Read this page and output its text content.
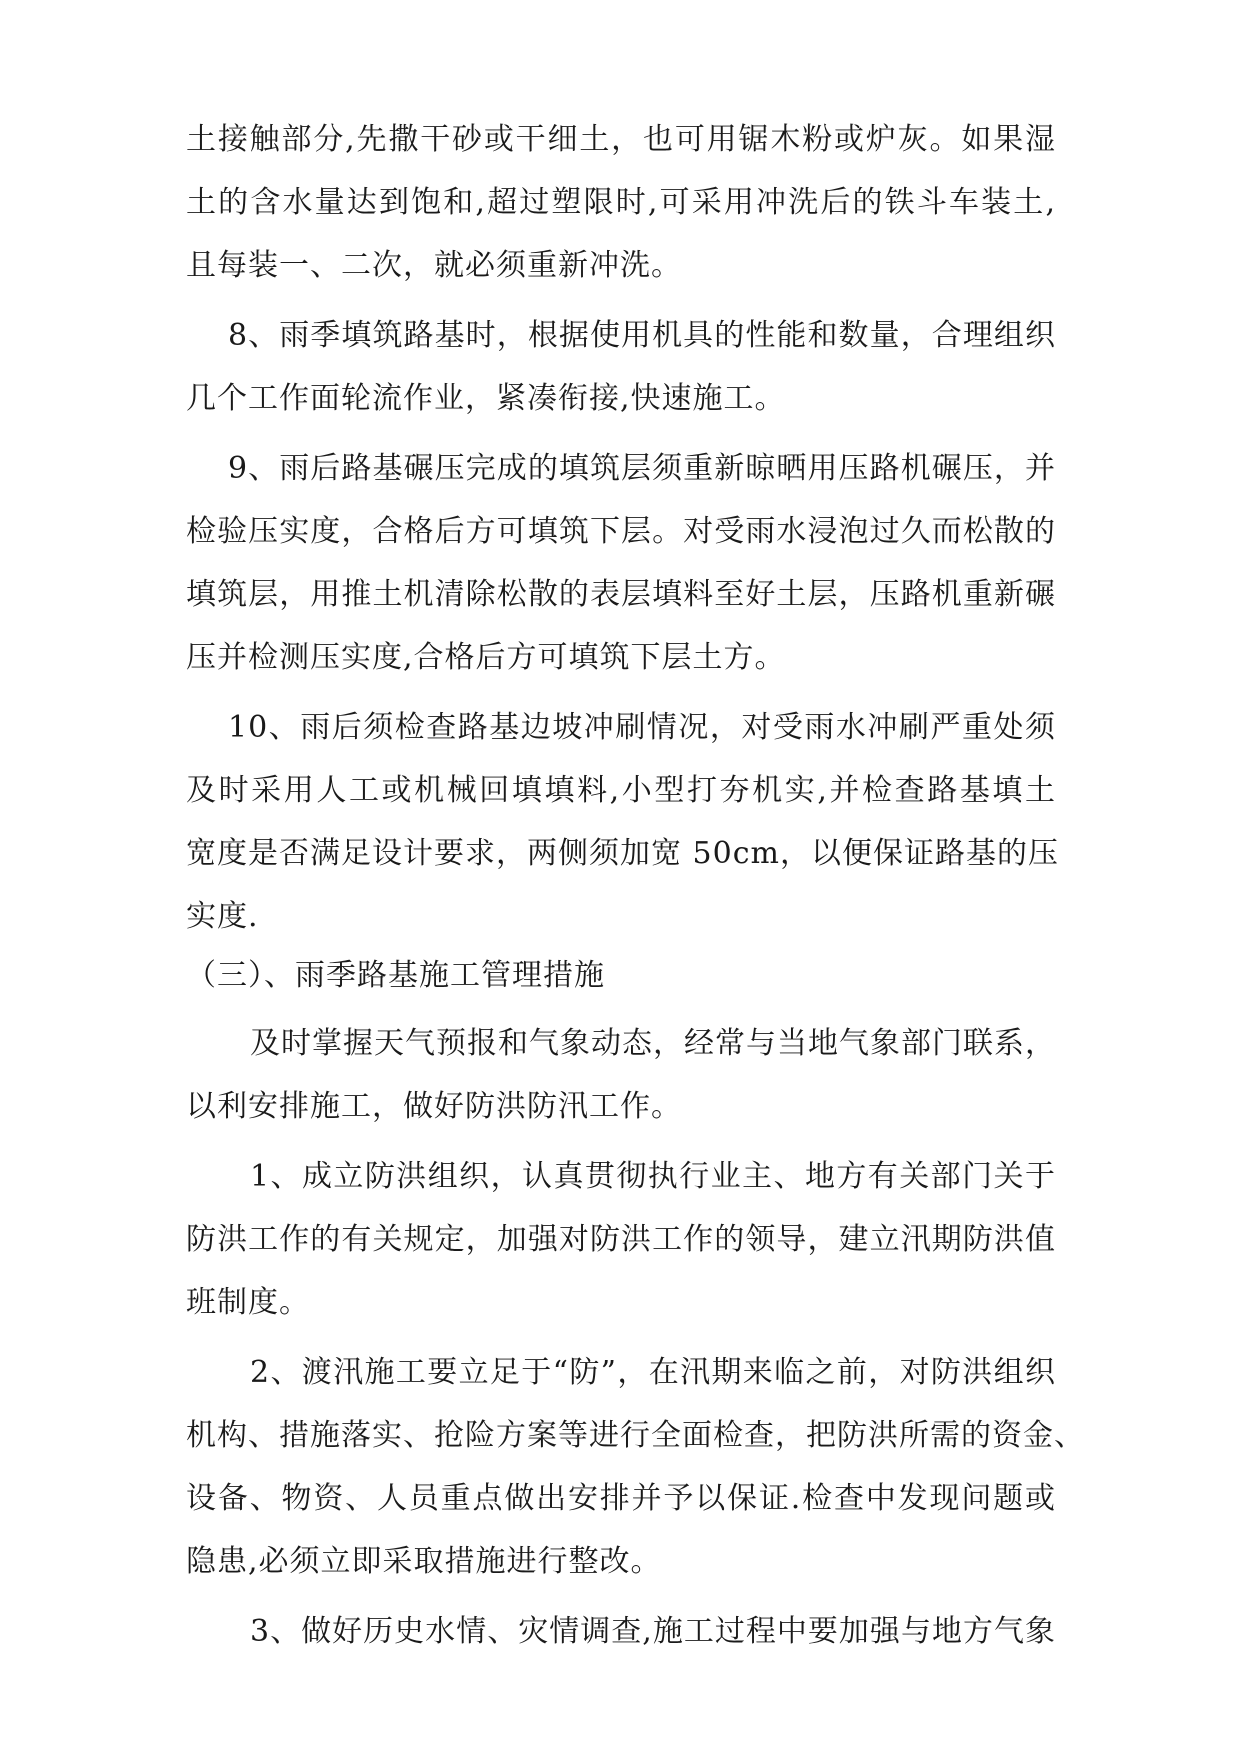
土接触部分,先撒干砂或干细土，也可用锯木粉或炉灰。如果湿
土的含水量达到饱和,超过塑限时,可采用冲洗后的铁斗车装土,
且每装一、二次，就必须重新冲洗。
8、雨季填筑路基时，根据使用机具的性能和数量，合理组织
几个工作面轮流作业，紧凑衔接,快速施工。
9、雨后路基碾压完成的填筑层须重新晾晒用压路机碾压，并
检验压实度，合格后方可填筑下层。对受雨水浸泡过久而松散的
填筑层，用推土机清除松散的表层填料至好土层，压路机重新碾
压并检测压实度,合格后方可填筑下层土方。
10、雨后须检查路基边坡冲刷情况，对受雨水冲刷严重处须
及时采用人工或机械回填填料,小型打夯机实,并检查路基填土
宽度是否满足设计要求，两侧须加宽 50cm，以便保证路基的压
实度.
（三）、雨季路基施工管理措施
及时掌握天气预报和气象动态，经常与当地气象部门联系，
以利安排施工，做好防洪防汛工作。
1、成立防洪组织，认真贯彻执行业主、地方有关部门关于
防洪工作的有关规定，加强对防洪工作的领导，建立汛期防洪值
班制度。
2、渡汛施工要立足于“防”，在汛期来临之前，对防洪组织
机构、措施落实、抢险方案等进行全面检查，把防洪所需的资金、
设备、物资、人员重点做出安排并予以保证.检查中发现问题或
隐患,必须立即采取措施进行整改。
3、做好历史水情、灾情调查,施工过程中要加强与地方气象
